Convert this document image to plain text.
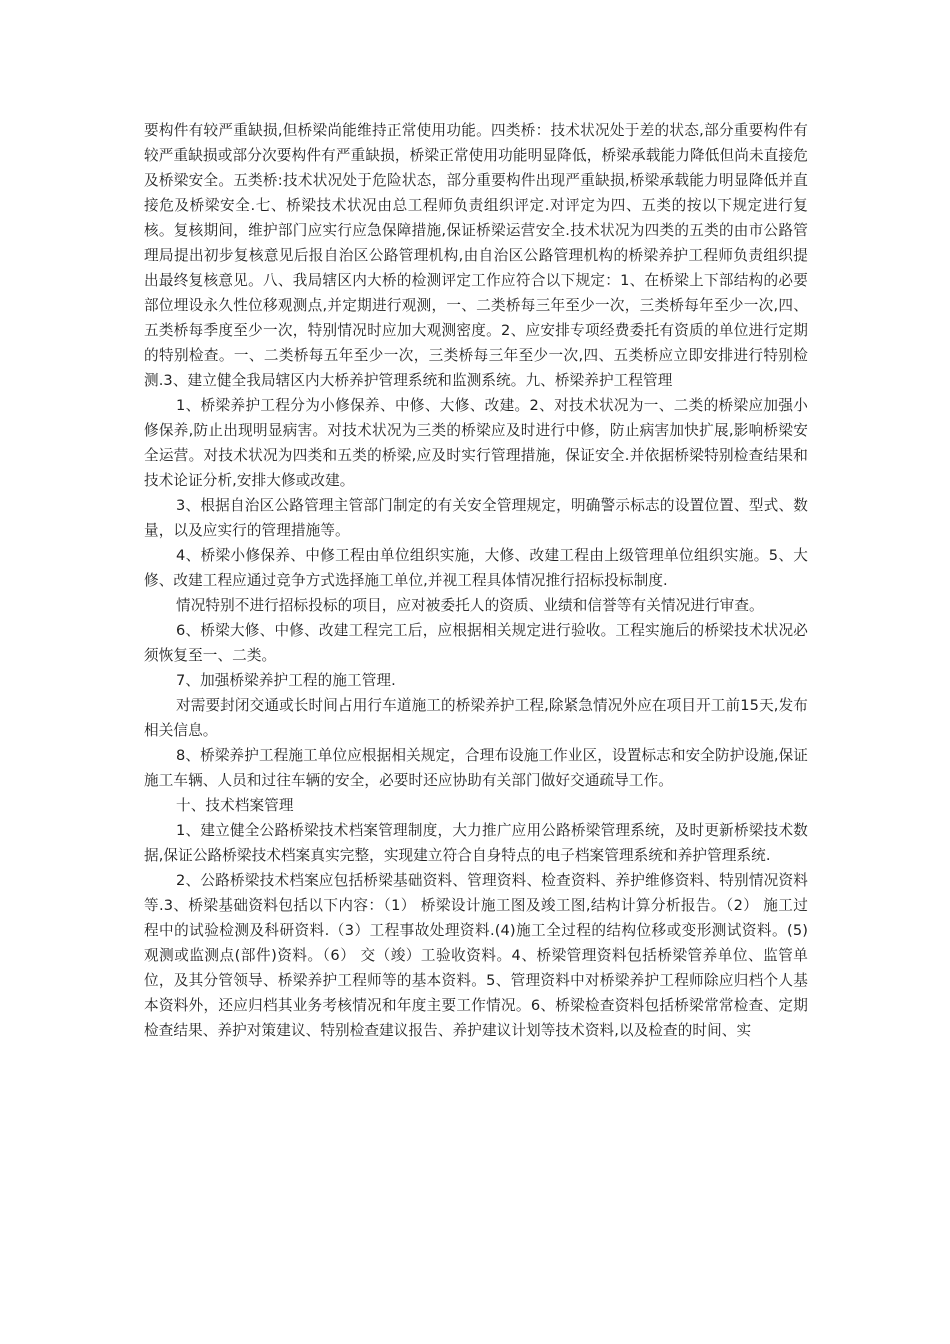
要构件有较严重缺损,但桥梁尚能维持正常使用功能。四类桥：技术状况处于差的状态,部分重要构件有较严重缺损或部分次要构件有严重缺损，桥梁正常使用功能明显降低，桥梁承载能力降低但尚未直接危及桥梁安全。五类桥:技术状况处于危险状态，部分重要构件出现严重缺损,桥梁承载能力明显降低并直接危及桥梁安全.七、桥梁技术状况由总工程师负责组织评定.对评定为四、五类的按以下规定进行复核。复核期间，维护部门应实行应急保障措施,保证桥梁运营安全.技术状况为四类的五类的由市公路管理局提出初步复核意见后报自治区公路管理机构,由自治区公路管理机构的桥梁养护工程师负责组织提出最终复核意见。八、我局辖区内大桥的检测评定工作应符合以下规定：1、在桥梁上下部结构的必要部位埋设永久性位移观测点,并定期进行观测，一、二类桥每三年至少一次，三类桥每年至少一次,四、五类桥每季度至少一次，特别情况时应加大观测密度。2、应安排专项经费委托有资质的单位进行定期的特别检查。一、二类桥每五年至少一次，三类桥每三年至少一次,四、五类桥应立即安排进行特别检测.3、建立健全我局辖区内大桥养护管理系统和监测系统。九、桥梁养护工程管理

1、桥梁养护工程分为小修保养、中修、大修、改建。2、对技术状况为一、二类的桥梁应加强小修保养,防止出现明显病害。对技术状况为三类的桥梁应及时进行中修，防止病害加快扩展,影响桥梁安全运营。对技术状况为四类和五类的桥梁,应及时实行管理措施，保证安全.并依据桥梁特别检查结果和技术论证分析,安排大修或改建。

3、根据自治区公路管理主管部门制定的有关安全管理规定，明确警示标志的设置位置、型式、数量，以及应实行的管理措施等。

4、桥梁小修保养、中修工程由单位组织实施，大修、改建工程由上级管理单位组织实施。5、大修、改建工程应通过竞争方式选择施工单位,并视工程具体情况推行招标投标制度.

情况特别不进行招标投标的项目，应对被委托人的资质、业绩和信誉等有关情况进行审查。

6、桥梁大修、中修、改建工程完工后，应根据相关规定进行验收。工程实施后的桥梁技术状况必须恢复至一、二类。

7、加强桥梁养护工程的施工管理.

对需要封闭交通或长时间占用行车道施工的桥梁养护工程,除紧急情况外应在项目开工前15天,发布相关信息。

8、桥梁养护工程施工单位应根据相关规定，合理布设施工作业区，设置标志和安全防护设施,保证施工车辆、人员和过往车辆的安全，必要时还应协助有关部门做好交通疏导工作。

十、技术档案管理

1、建立健全公路桥梁技术档案管理制度，大力推广应用公路桥梁管理系统，及时更新桥梁技术数据,保证公路桥梁技术档案真实完整，实现建立符合自身特点的电子档案管理系统和养护管理系统.

2、公路桥梁技术档案应包括桥梁基础资料、管理资料、检查资料、养护维修资料、特别情况资料等.3、桥梁基础资料包括以下内容：（1） 桥梁设计施工图及竣工图,结构计算分析报告。（2） 施工过程中的试验检测及科研资料.（3）工程事故处理资料.(4)施工全过程的结构位移或变形测试资料。(5) 观测或监测点(部件)资料。（6） 交（竣）工验收资料。4、桥梁管理资料包括桥梁管养单位、监管单位，及其分管领导、桥梁养护工程师等的基本资料。5、管理资料中对桥梁养护工程师除应归档个人基本资料外，还应归档其业务考核情况和年度主要工作情况。6、桥梁检查资料包括桥梁常常检查、定期检查结果、养护对策建议、特别检查建议报告、养护建议计划等技术资料,以及检查的时间、实
